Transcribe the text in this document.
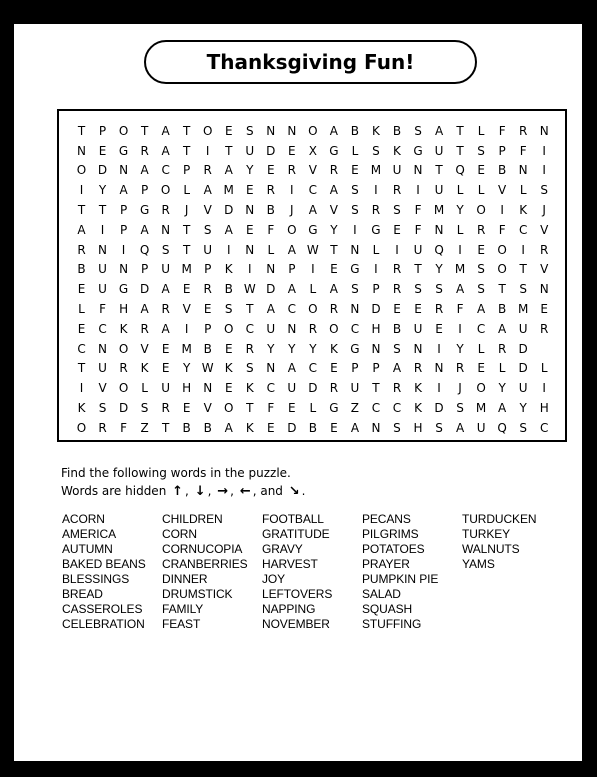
Thanksgiving Fun!
T	P	O	T	A	T	O	E	S	N	N O	A	B	K	B	S	A	T	L	F	R	N
N	E	G	R	A	T	I	T	U	D	E	X	G	L	S	K	G U	T	S	P	F	I
O D N	A	C	P	R	A	Y	E	R	V	R	E	M U	N	T	Q	E	B	N	I
I	Y	A	P	O	L	A M	E	R	I	C	A	S	I	R	I	U	L	L	V	L	S
T	T	P	G	R	J	V	D N	B	J	A	V	S	R	S	F	M	Y	O	I	K	J
A	I	P	A	N	T	S	A	E	F	O G	Y	I	G	E	F	N	L	R	F	C	V
R	N	I	Q	S	T	U	I	N	L	A W T	N	L	I	U Q	I	E	O	I	R
B	U	N	P	U M	P	K	I	N	P	I	E	G	I	R	T	Y	M	S	O	T	V
E	U G D	A	E	R	B W D	A	L	A	S	P	R	S	S	A	S	T	S	N
L	F	H	A	R	V	E	S	T	A	C	O	R	N D	E	E	R	F	A	B M	E
E	C	K	R	A	I	P	O	C	U	N	R	O	C	H	B	U	E	I	C	A	U	R
C	N O	V	E	M B	E	R	Y	Y	Y	K	G N	S	N	I	Y	L	R	D
T	U	R	K	E	Y W K	S	N	A	C	E	P	P	A	R	N	R	E	L	D	L
I	V	O	L	U	H	N	E	K	C	U	D	R	U	T	R	K	I	J	O	Y	U	I
K	S	D	S	R	E	V	O	T	F	E	L	G	Z	C	C	K	D	S	M A	Y	H
O	R	F	Z	T	B	B	A	K	E	D	B	E	A	N	S	H	S	A	U Q	S	C
Find the following words in the puzzle.
Words are hidden ↑ , ↓ , → , ← , and ↘ .
ACORN
AMERICA
AUTUMN
BAKED BEANS
BLESSINGS
BREAD
CASSEROLES
CELEBRATION
CHILDREN
CORN
CORNUCOPIA
CRANBERRIES
DINNER
DRUMSTICK
FAMILY
FEAST
FOOTBALL
GRATITUDE
GRAVY
HARVEST
JOY
LEFTOVERS
NAPPING
NOVEMBER
PECANS
PILGRIMS
POTATOES
PRAYER
PUMPKIN PIE
SALAD
SQUASH
STUFFING
TURDUCKEN
TURKEY
WALNUTS
YAMS
